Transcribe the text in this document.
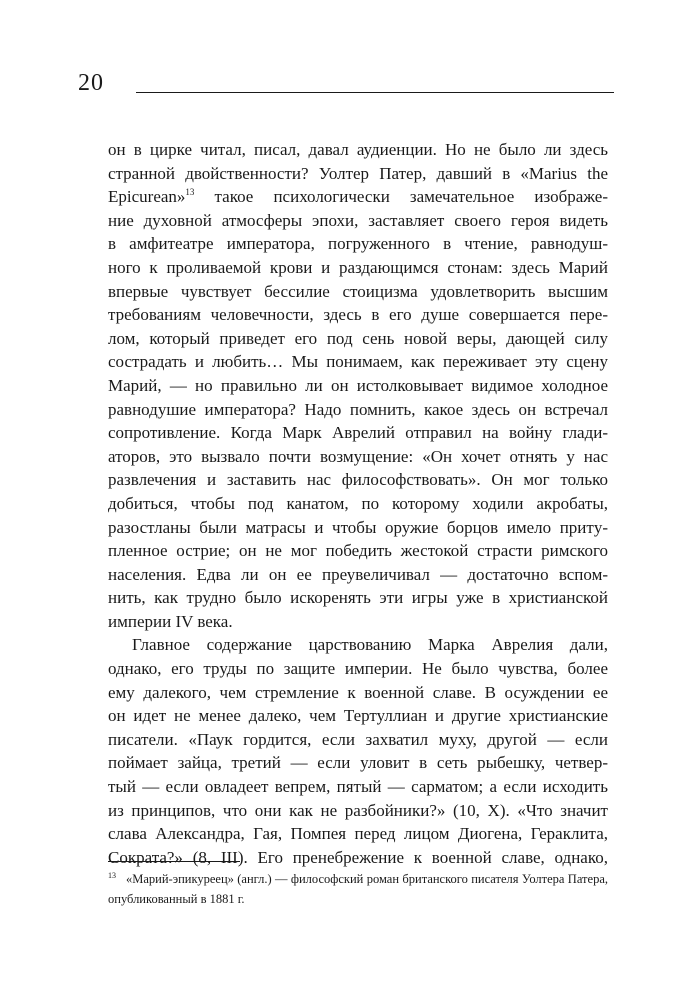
20
он в цирке читал, писал, давал аудиенции. Но не было ли здесь
странной двойственности? Уолтер Патер, давший в «Marius the
Epicurean»$^{13}$ такое психологически замечательное изображе-
ние духовной атмосферы эпохи, заставляет своего героя видеть
в амфитеатре императора, погруженного в чтение, равнодуш-
ного к проливаемой крови и раздающимся стонам: здесь Марий
впервые чувствует бессилие стоицизма удовлетворить высшим
требованиям человечности, здесь в его душе совершается пере-
лом, который приведет его под сень новой веры, дающей силу
сострадать и любить… Мы понимаем, как переживает эту сцену
Марий, — но правильно ли он истолковывает видимое холодное
равнодушие императора? Надо помнить, какое здесь он встречал
сопротивление. Когда Марк Аврелий отправил на войну глади-
аторов, это вызвало почти возмущение: «Он хочет отнять у нас
развлечения и заставить нас философствовать». Он мог только
добиться, чтобы под канатом, по которому ходили акробаты,
разостланы были матрасы и чтобы оружие борцов имело притy-
пленное острие; он не мог победить жестокой страсти римского
населения. Едва ли он ее преувеличивал — достаточно вспом-
нить, как трудно было искоренять эти игры уже в христианской
империи IV века.
Главное содержание царствованию Марка Аврелия дали,
однако, его труды по защите империи. Не было чувства, более
ему далекого, чем стремление к военной славе. В осуждении ее
он идет не менее далеко, чем Тертуллиан и другие христианские
писатели. «Паук гордится, если захватил муху, другой — если
поймает зайца, третий — если уловит в сеть рыбешку, четвер-
тый — если овладеет вепрем, пятый — сарматом; а если исходить
из принципов, что они как не разбойники?» (10, X). «Что значит
слава Александра, Гая, Помпея перед лицом Диогена, Гераклита,
Сократа?» (8, III). Его пренебрежение к военной славе, однако,
$^{13}$ «Марий-эпикуреец» (англ.) — философский роман британского писателя Уолтера Патера,
опубликованный в 1881 г.
